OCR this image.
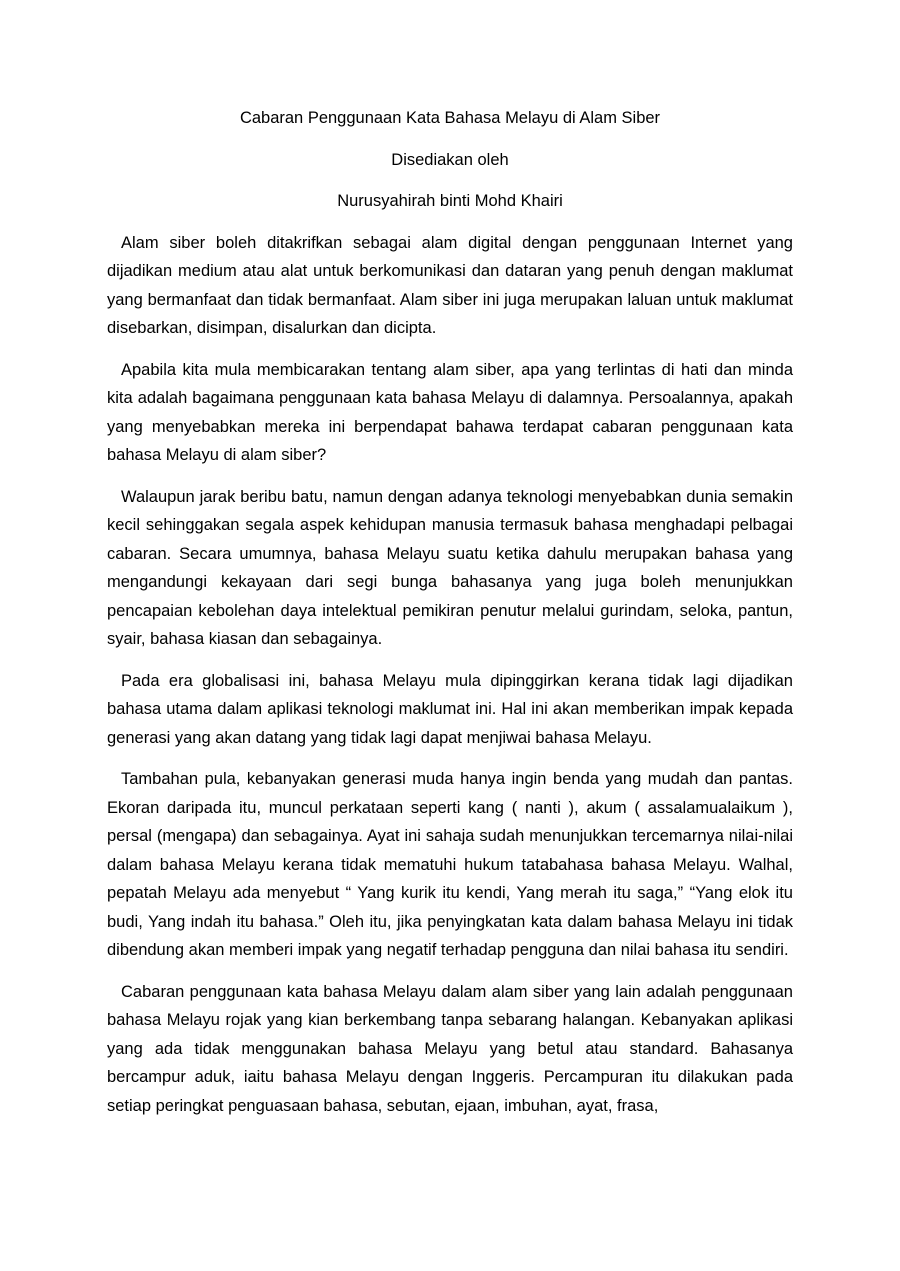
Cabaran Penggunaan Kata Bahasa Melayu di Alam Siber

Disediakan oleh

Nurusyahirah binti Mohd Khairi

Alam siber boleh ditakrifkan sebagai alam digital dengan penggunaan Internet yang dijadikan medium atau alat untuk berkomunikasi dan dataran yang penuh dengan maklumat yang bermanfaat dan tidak bermanfaat. Alam siber ini juga merupakan laluan untuk maklumat disebarkan, disimpan, disalurkan dan dicipta.

Apabila kita mula membicarakan tentang alam siber, apa yang terlintas di hati dan minda kita adalah bagaimana penggunaan kata bahasa Melayu di dalamnya. Persoalannya, apakah yang menyebabkan mereka ini berpendapat bahawa terdapat cabaran penggunaan kata bahasa Melayu di alam siber?

Walaupun jarak beribu batu, namun dengan adanya teknologi menyebabkan dunia semakin kecil sehinggakan segala aspek kehidupan manusia termasuk bahasa menghadapi pelbagai cabaran. Secara umumnya, bahasa Melayu suatu ketika dahulu merupakan bahasa yang mengandungi kekayaan dari segi bunga bahasanya yang juga boleh menunjukkan pencapaian kebolehan daya intelektual pemikiran penutur melalui gurindam, seloka, pantun, syair, bahasa kiasan dan sebagainya.

Pada era globalisasi ini, bahasa Melayu mula dipinggirkan kerana tidak lagi dijadikan bahasa utama dalam aplikasi teknologi maklumat ini. Hal ini akan memberikan impak kepada generasi yang akan datang yang tidak lagi dapat menjiwai bahasa Melayu.

Tambahan pula, kebanyakan generasi muda hanya ingin benda yang mudah dan pantas. Ekoran daripada itu, muncul perkataan seperti kang ( nanti ), akum ( assalamualaikum ), persal (mengapa) dan sebagainya. Ayat ini sahaja sudah menunjukkan tercemarnya nilai-nilai dalam bahasa Melayu kerana tidak mematuhi hukum tatabahasa bahasa Melayu. Walhal, pepatah Melayu ada menyebut “ Yang kurik itu kendi, Yang merah itu saga,” “Yang elok itu budi, Yang indah itu bahasa.” Oleh itu, jika penyingkatan kata dalam bahasa Melayu ini tidak dibendung akan memberi impak yang negatif terhadap pengguna dan nilai bahasa itu sendiri.

Cabaran penggunaan kata bahasa Melayu dalam alam siber yang lain adalah penggunaan bahasa Melayu rojak yang kian berkembang tanpa sebarang halangan. Kebanyakan aplikasi yang ada tidak menggunakan bahasa Melayu yang betul atau standard. Bahasanya bercampur aduk, iaitu bahasa Melayu dengan Inggeris. Percampuran itu dilakukan pada setiap peringkat penguasaan bahasa, sebutan, ejaan, imbuhan, ayat, frasa,
